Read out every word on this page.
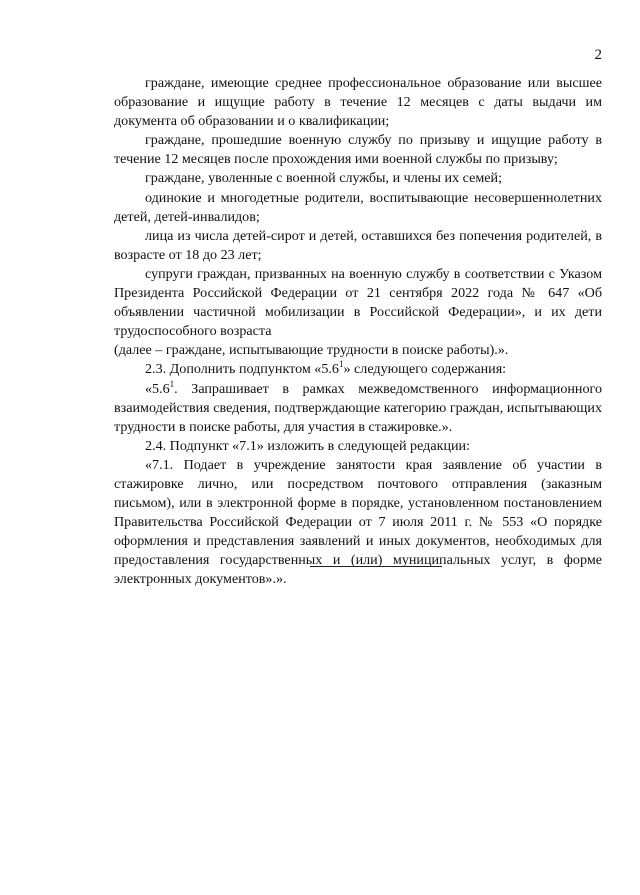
2

граждане, имеющие среднее профессиональное образование или высшее образование и ищущие работу в течение 12 месяцев с даты выдачи им документа об образовании и о квалификации;

граждане, прошедшие военную службу по призыву и ищущие работу в течение 12 месяцев после прохождения ими военной службы по призыву;

граждане, уволенные с военной службы, и члены их семей;

одинокие и многодетные родители, воспитывающие несовершеннолетних детей, детей-инвалидов;

лица из числа детей-сирот и детей, оставшихся без попечения родителей, в возрасте от 18 до 23 лет;

супруги граждан, призванных на военную службу в соответствии с Указом Президента Российской Федерации от 21 сентября 2022 года № 647 «Об объявлении частичной мобилизации в Российской Федерации», и их дети трудоспособного возраста

(далее – граждане, испытывающие трудности в поиске работы).».

2.3. Дополнить подпунктом «$5.6^1$» следующего содержания:

«$5.6^1$. Запрашивает в рамках межведомственного информационного взаимодействия сведения, подтверждающие категорию граждан, испытывающих трудности в поиске работы, для участия в стажировке.».

2.4. Подпункт «7.1» изложить в следующей редакции:

«7.1. Подает в учреждение занятости края заявление об участии в стажировке лично, или посредством почтового отправления (заказным письмом), или в электронной форме в порядке, установленном постановлением Правительства Российской Федерации от 7 июля 2011 г. № 553 «О порядке оформления и представления заявлений и иных документов, необходимых для предоставления государственных и (или) муниципальных услуг, в форме электронных документов».».
